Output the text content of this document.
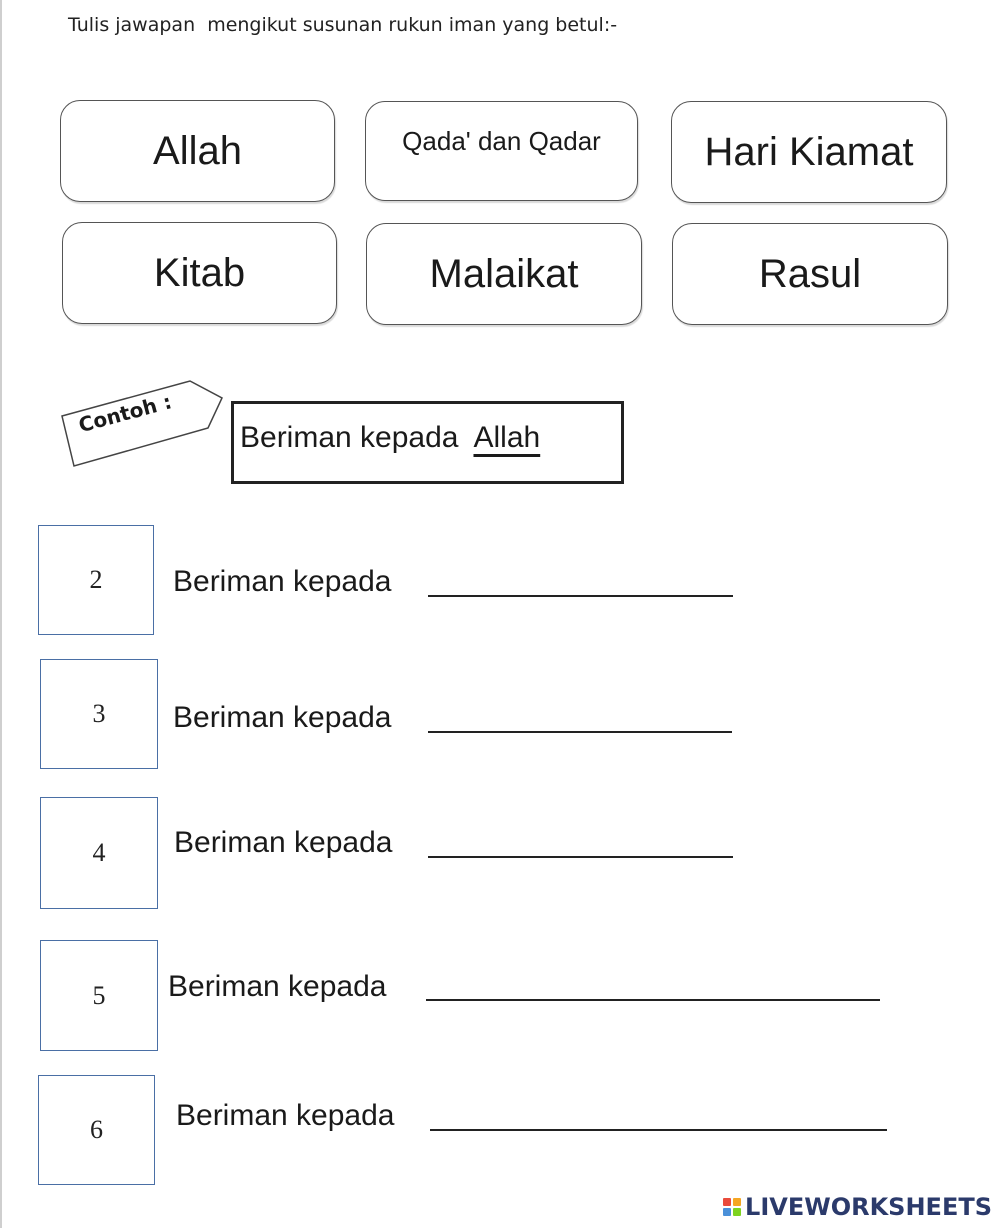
Tulis jawapan  mengikut susunan rukun iman yang betul:-
Allah	Qada' dan Qadar	Hari Kiamat
Kitab	Malaikat	Rasul
Contoh :
Beriman kepada Allah
2	Beriman kepada
3	Beriman kepada
4	Beriman kepada
5	Beriman kepada
6	Beriman kepada
LIVEWORKSHEETS
